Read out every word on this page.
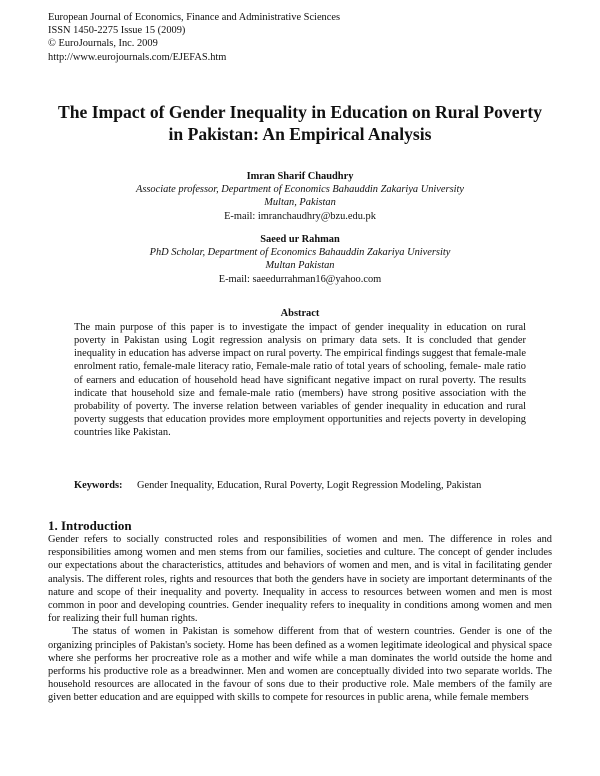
European Journal of Economics, Finance and Administrative Sciences
ISSN 1450-2275 Issue 15 (2009)
© EuroJournals, Inc. 2009
http://www.eurojournals.com/EJEFAS.htm
The Impact of Gender Inequality in Education on Rural Poverty
in Pakistan: An Empirical Analysis
Imran Sharif Chaudhry
Associate professor, Department of Economics Bahauddin Zakariya University
Multan, Pakistan
E-mail: imranchaudhry@bzu.edu.pk
Saeed ur Rahman
PhD Scholar, Department of Economics Bahauddin Zakariya University
Multan Pakistan
E-mail: saeedurrahman16@yahoo.com
Abstract
The main purpose of this paper is to investigate the impact of gender inequality in education on rural poverty in Pakistan using Logit regression analysis on primary data sets. It is concluded that gender inequality in education has adverse impact on rural poverty. The empirical findings suggest that female-male enrolment ratio, female-male literacy ratio, Female-male ratio of total years of schooling, female- male ratio of earners and education of household head have significant negative impact on rural poverty. The results indicate that household size and female-male ratio (members) have strong positive association with the probability of poverty. The inverse relation between variables of gender inequality in education and rural poverty suggests that education provides more employment opportunities and rejects poverty in developing countries like Pakistan.
Keywords: Gender Inequality, Education, Rural Poverty, Logit Regression Modeling, Pakistan
1. Introduction

Gender refers to socially constructed roles and responsibilities of women and men. The difference in roles and responsibilities among women and men stems from our families, societies and culture. The concept of gender includes our expectations about the characteristics, attitudes and behaviors of women and men, and is vital in facilitating gender analysis. The different roles, rights and resources that both the genders have in society are important determinants of the nature and scope of their inequality and poverty. Inequality in access to resources between women and men is most common in poor and developing countries. Gender inequality refers to inequality in conditions among women and men for realizing their full human rights.

The status of women in Pakistan is somehow different from that of western countries. Gender is one of the organizing principles of Pakistan's society. Home has been defined as a women legitimate ideological and physical space where she performs her procreative role as a mother and wife while a man dominates the world outside the home and performs his productive role as a breadwinner. Men and women are conceptually divided into two separate worlds. The household resources are allocated in the favour of sons due to their productive role. Male members of the family are given better education and are equipped with skills to compete for resources in public arena, while female members
